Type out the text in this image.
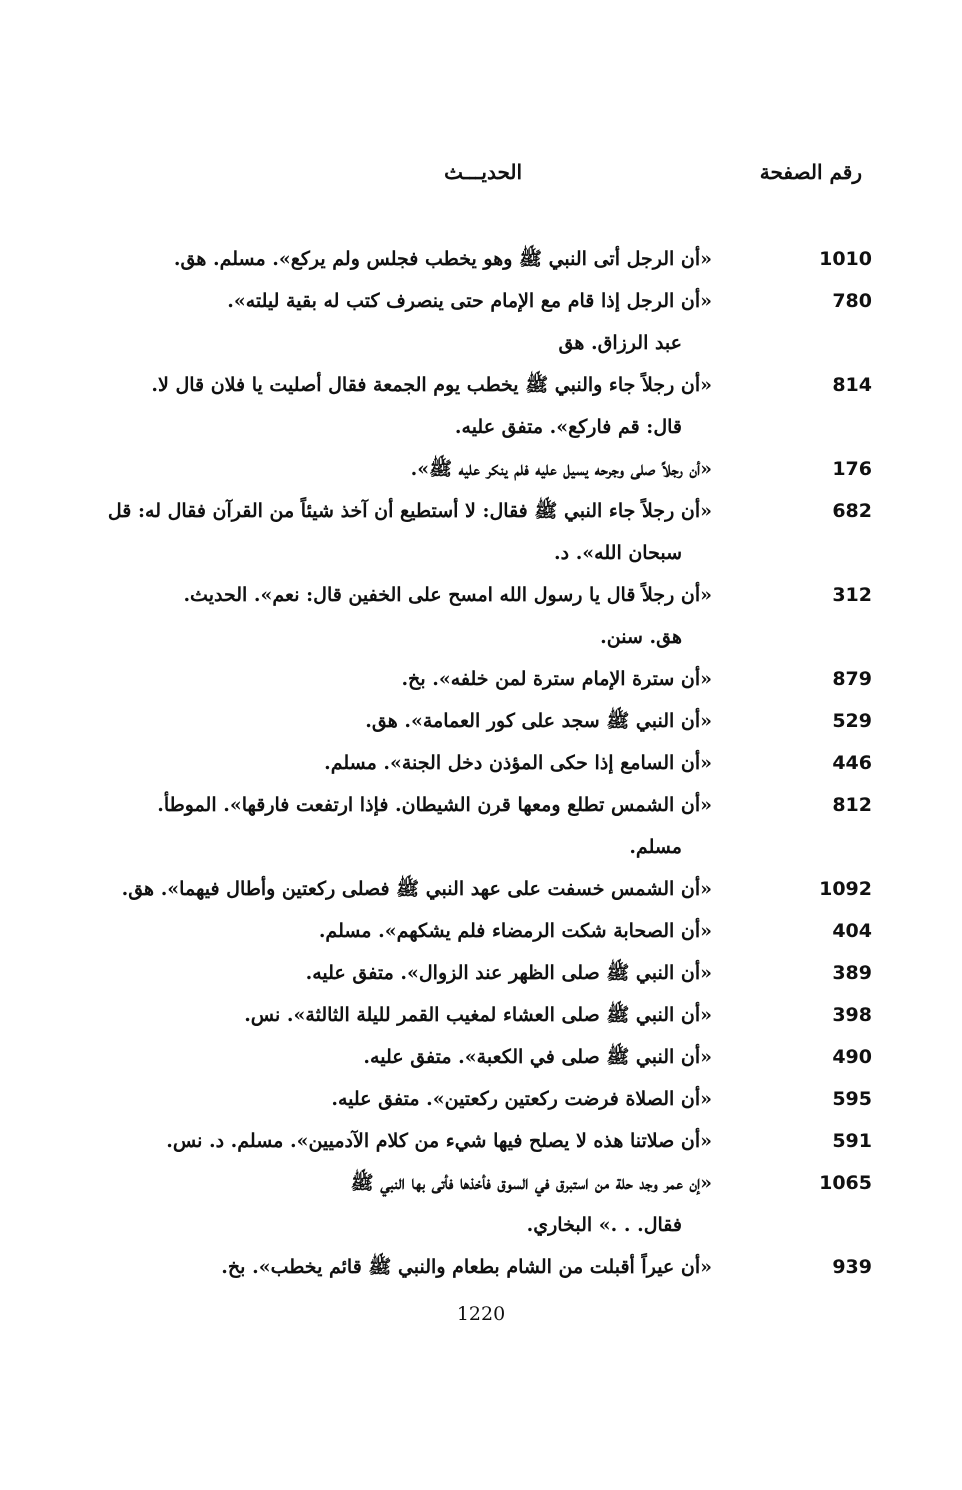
رقم الصفحة
الحديـــث
1010
«أن الرجل أتى النبي ﷺ وهو يخطب فجلس ولم يركع». مسلم. هق.
780
«أن الرجل إذا قام مع الإمام حتى ينصرف كتب له بقية ليلته».
عبد الرزاق. هق
814
«أن رجلاً جاء والنبي ﷺ يخطب يوم الجمعة فقال أصليت يا فلان قال لا.
قال: قم فاركع». متفق عليه.
176
«أن رجلاً صلى وجرحه يسيل عليه فلم ينكر عليه ﷺ».
682
«أن رجلاً جاء النبي ﷺ فقال: لا أستطيع أن آخذ شيئاً من القرآن فقال له: قل
سبحان الله». د.
312
«أن رجلاً قال يا رسول الله امسح على الخفين قال: نعم». الحديث.
هق. سنن.
879
«أن سترة الإمام سترة لمن خلفه». بخ.
529
«أن النبي ﷺ سجد على كور العمامة». هق.
446
«أن السامع إذا حكى المؤذن دخل الجنة». مسلم.
812
«أن الشمس تطلع ومعها قرن الشيطان. فإذا ارتفعت فارقها». الموطأ.
مسلم.
1092
«أن الشمس خسفت على عهد النبي ﷺ فصلى ركعتين وأطال فيهما». هق.
404
«أن الصحابة شكت الرمضاء فلم يشكهم». مسلم.
389
«أن النبي ﷺ صلى الظهر عند الزوال». متفق عليه.
398
«أن النبي ﷺ صلى العشاء لمغيب القمر لليلة الثالثة». نس.
490
«أن النبي ﷺ صلى في الكعبة». متفق عليه.
595
«أن الصلاة فرضت ركعتين ركعتين». متفق عليه.
591
«أن صلاتنا هذه لا يصلح فيها شيء من كلام الآدميين». مسلم. د. نس.
1065
«إن عمر وجد حلة من استبرق في السوق فأخذها فأتى بها النبي ﷺ
فقال. . .» البخاري.
939
«أن عيراً أقبلت من الشام بطعام والنبي ﷺ قائم يخطب». بخ.
1220
